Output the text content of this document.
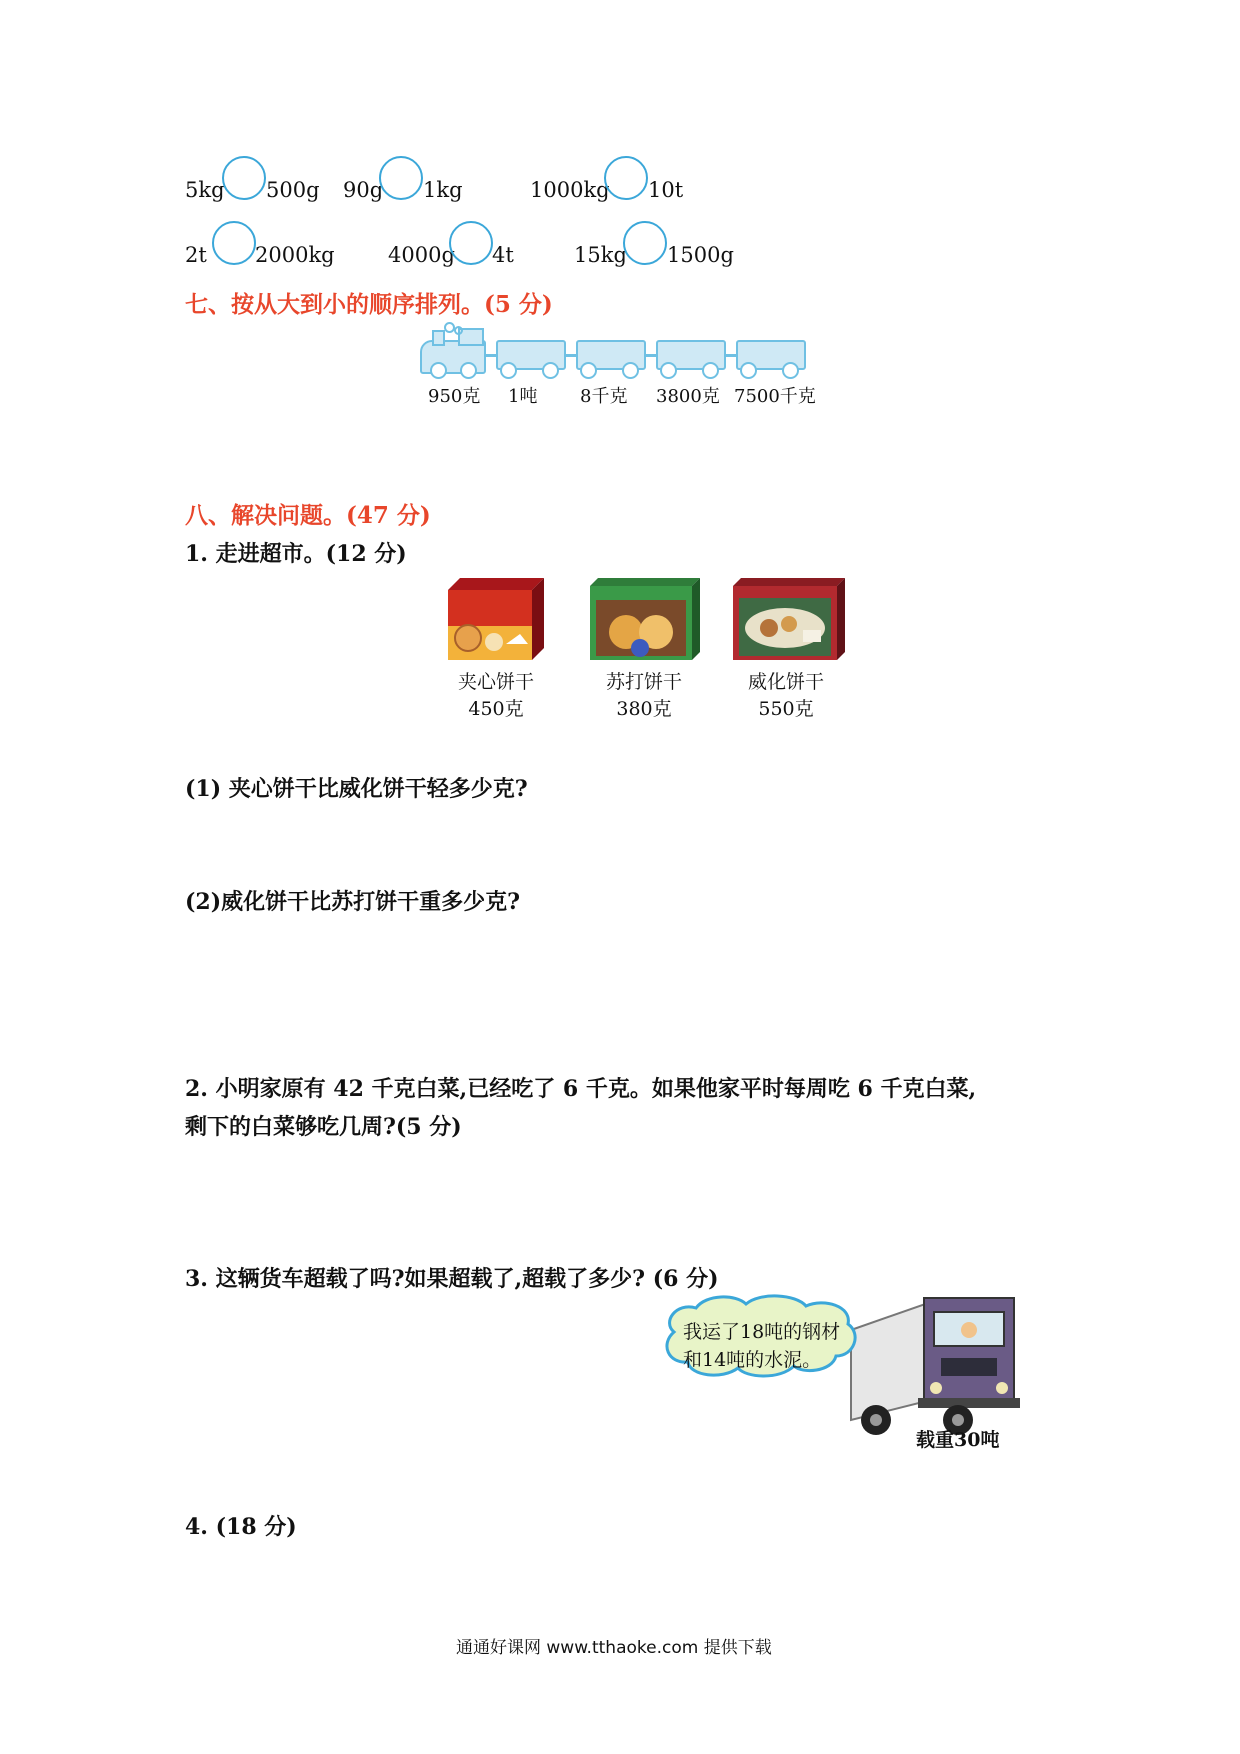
5kg 500g 90g 1kg	1000kg 10t
2t 2000kg	4000g 4t	15kg 1500g
七、按从大到小的顺序排列。(5 分)
950克 1吨 8千克 3800克 7500千克
八、解决问题。(47 分)
1. 走进超市。(12 分)
夹心饼干
450克
苏打饼干
380克
威化饼干
550克
(1) 夹心饼干比威化饼干轻多少克?
(2)威化饼干比苏打饼干重多少克?
2. 小明家原有 42 千克白菜,已经吃了 6 千克。如果他家平时每周吃 6 千克白菜,
剩下的白菜够吃几周?(5 分)
3. 这辆货车超载了吗?如果超载了,超载了多少? (6 分)
我运了18吨的钢材
和14吨的水泥。
载重30吨
4. (18 分)
通通好课网 www.tthaoke.com 提供下载
